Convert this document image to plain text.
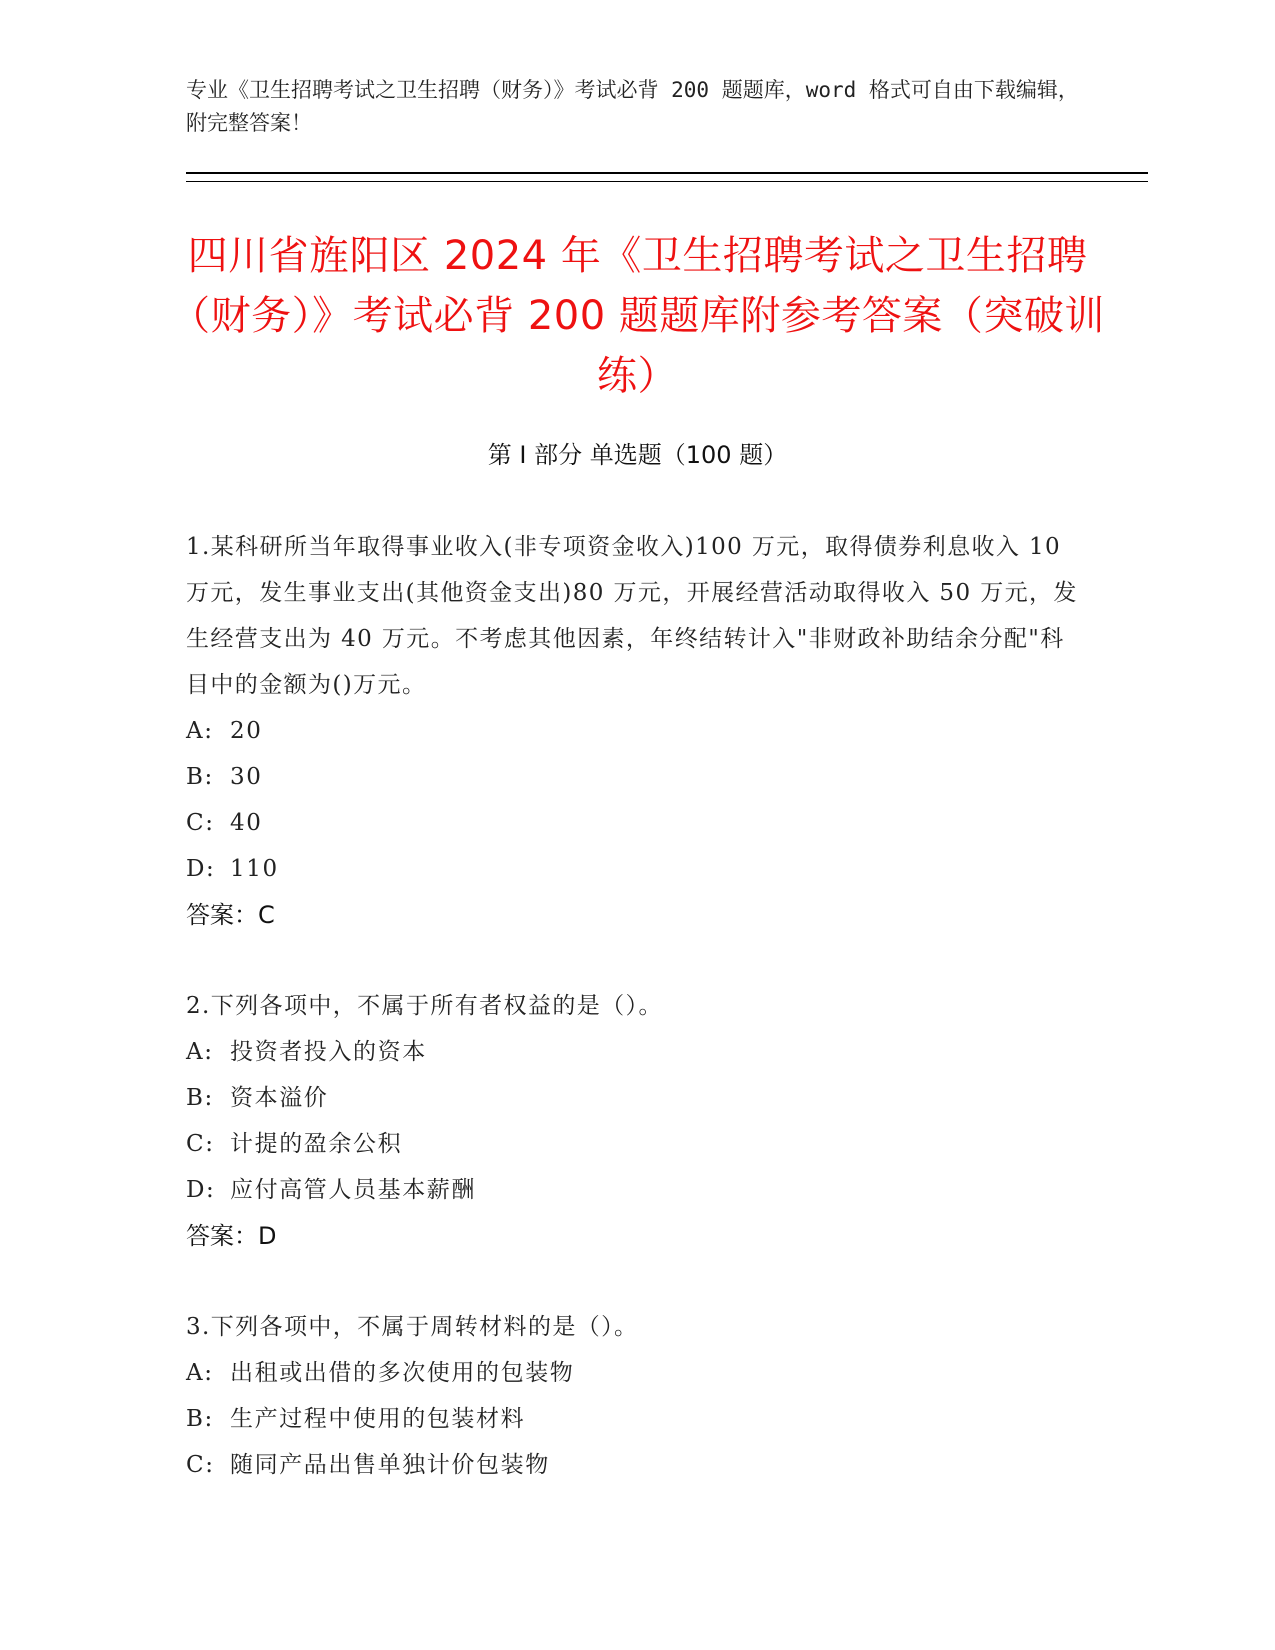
专业《卫生招聘考试之卫生招聘（财务）》考试必背 200 题题库，word 格式可自由下载编辑，附完整答案！
四川省旌阳区 2024 年《卫生招聘考试之卫生招聘（财务）》考试必背 200 题题库附参考答案（突破训练）
第 I 部分 单选题（100 题）
1.某科研所当年取得事业收入(非专项资金收入)100 万元，取得债券利息收入 10 万元，发生事业支出(其他资金支出)80 万元，开展经营活动取得收入 50 万元，发生经营支出为 40 万元。不考虑其他因素，年终结转计入"非财政补助结余分配"科目中的金额为()万元。
A: 20
B: 30
C: 40
D: 110
答案：C
2.下列各项中，不属于所有者权益的是（）。
A: 投资者投入的资本
B: 资本溢价
C: 计提的盈余公积
D: 应付高管人员基本薪酬
答案：D
3.下列各项中，不属于周转材料的是（）。
A: 出租或出借的多次使用的包装物
B: 生产过程中使用的包装材料
C: 随同产品出售单独计价包装物
